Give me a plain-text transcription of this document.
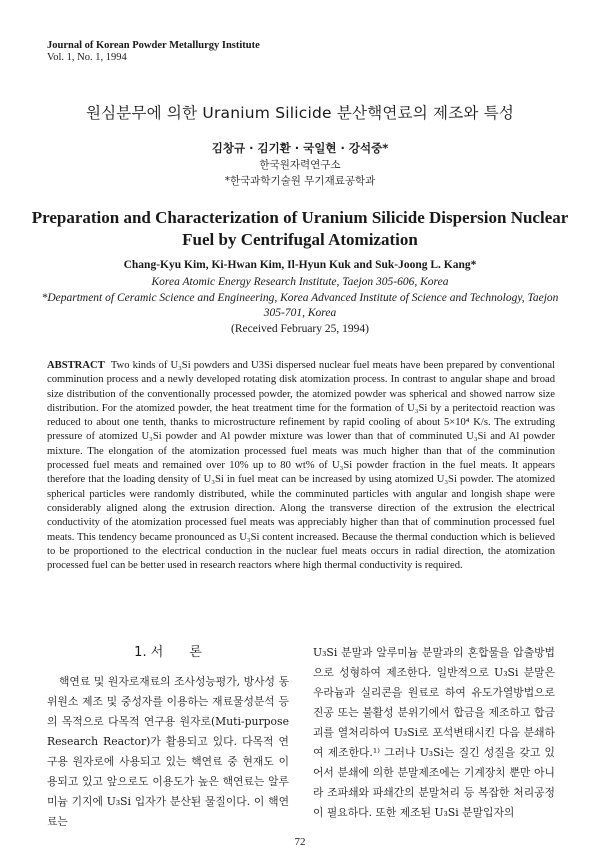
Journal of Korean Powder Metallurgy Institute
Vol. 1, No. 1, 1994
원심분무에 의한 Uranium Silicide 분산핵연료의 제조와 특성
김창규 · 김기환 · 국일현 · 강석중*
한국원자력연구소
*한국과학기술원 무기재료공학과
Preparation and Characterization of Uranium Silicide Dispersion Nuclear Fuel by Centrifugal Atomization
Chang-Kyu Kim, Ki-Hwan Kim, Il-Hyun Kuk and Suk-Joong L. Kang*
Korea Atomic Energy Research Institute, Taejon 305-606, Korea
*Department of Ceramic Science and Engineering, Korea Advanced Institute of Science and Technology, Taejon 305-701, Korea
(Received February 25, 1994)
ABSTRACT Two kinds of U₃Si powders and U3Si dispersed nuclear fuel meats have been prepared by conventional comminution process and a newly developed rotating disk atomization process. In contrast to angular shape and broad size distribution of the conventionally processed powder, the atomized powder was spherical and showed narrow size distribution. For the atomized powder, the heat treatment time for the formation of U₃Si by a peritectoid reaction was reduced to about one tenth, thanks to microstructure refinement by rapid cooling of about 5×10⁴ K/s. The extruding pressure of atomized U₃Si powder and Al powder mixture was lower than that of comminuted U₃Si and Al powder mixture. The elongation of the atomization processed fuel meats was much higher than that of the comminution processed fuel meats and remained over 10% up to 80 wt% of U₃Si powder fraction in the fuel meats. It appears therefore that the loading density of U₃Si in fuel meat can be increased by using atomized U₃Si powder. The atomized spherical particles were randomly distributed, while the comminuted particles with angular and longish shape were considerably aligned along the extrusion direction. Along the transverse direction of the extrusion the electrical conductivity of the atomization processed fuel meats was appreciably higher than that of comminution processed fuel meats. This tendency became pronounced as U₃Si content increased. Because the thermal conduction which is believed to be proportioned to the electrical conduction in the nuclear fuel meats occurs in radial direction, the atomization processed fuel can be better used in research reactors where high thermal conductivity is required.
1. 서　　론

핵연료 및 원자로재료의 조사성능평가, 방사성 동위원소 제조 및 중성자를 이용하는 재료물성분석 등의 목적으로 다목적 연구용 원자로(Muti-purpose Research Reactor)가 활용되고 있다. 다목적 연구용 원자로에 사용되고 있는 핵연료 중 현재도 이용되고 있고 앞으로도 이용도가 높은 핵연료는 알루미늄 기지에 U₃Si 입자가 분산된 물질이다. 이 핵연료는

U₃Si 분말과 알루미늄 분말과의 혼합물을 압출방법으로 성형하여 제조한다. 일반적으로 U₃Si 분말은 우라늄과 실리콘을 원료로 하여 유도가열방법으로 진공 또는 불활성 분위기에서 합금을 제조하고 합금괴를 열처리하여 U₃Si로 포석변태시킨 다음 분쇄하여 제조한다.¹⁾ 그러나 U₃Si는 질긴 성질을 갖고 있어서 분쇄에 의한 분말제조에는 기계장치 뿐만 아니라 조파쇄와 파쇄간의 분말처리 등 복잡한 처리공정이 필요하다. 또한 제조된 U₃Si 분말입자의

72
